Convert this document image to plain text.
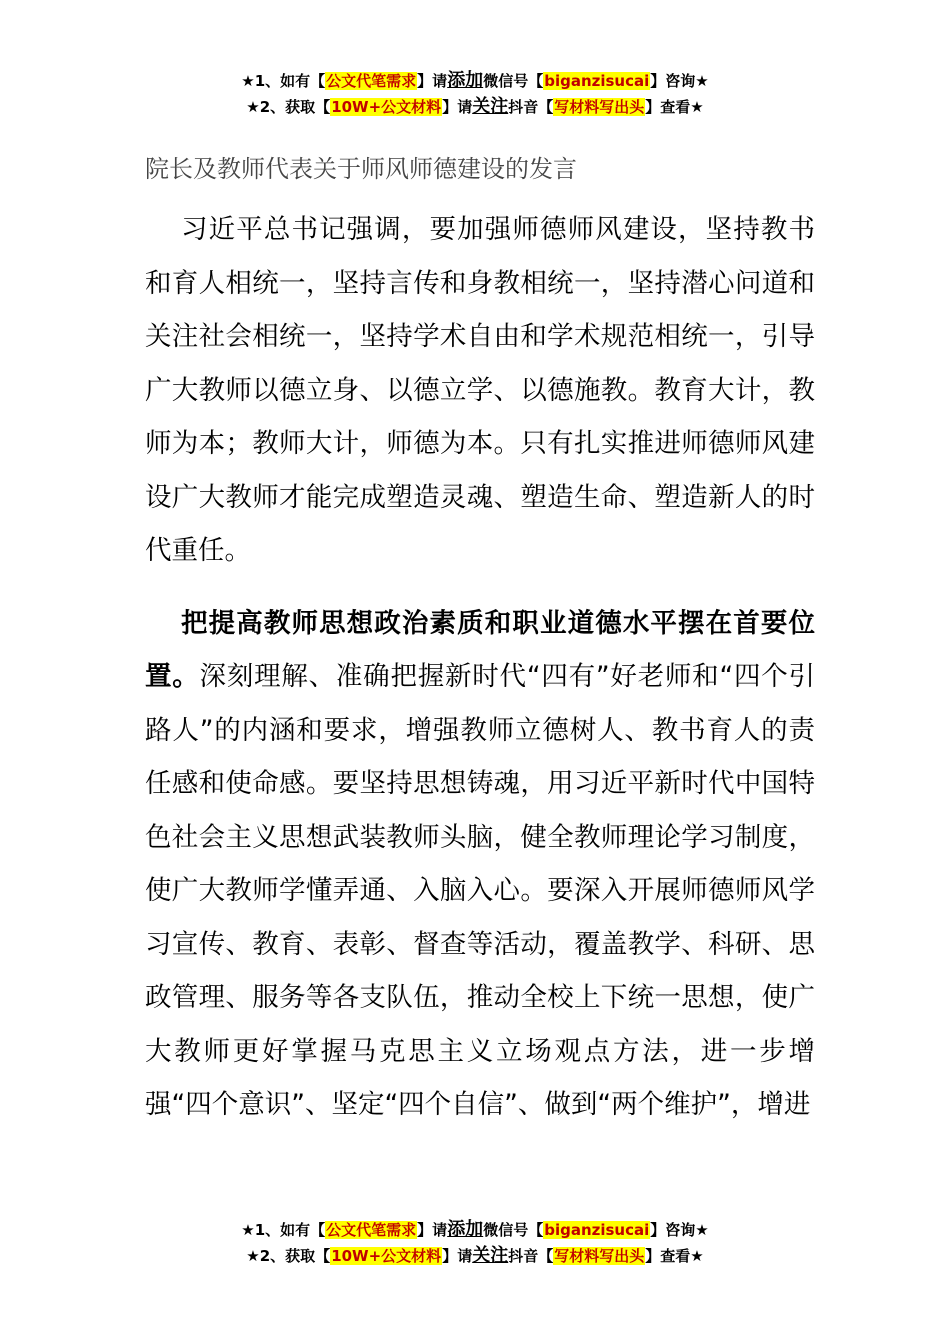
★1、如有【公文代笔需求】请添加微信号【biganzisucai】咨询★
★2、获取【10W+公文材料】请关注抖音【写材料写出头】查看★
院长及教师代表关于师风师德建设的发言

习近平总书记强调，要加强师德师风建设，坚持教书和育人相统一，坚持言传和身教相统一，坚持潜心问道和关注社会相统一，坚持学术自由和学术规范相统一，引导广大教师以德立身、以德立学、以德施教。教育大计，教师为本；教师大计，师德为本。只有扎实推进师德师风建设广大教师才能完成塑造灵魂、塑造生命、塑造新人的时代重任。

把提高教师思想政治素质和职业道德水平摆在首要位置。深刻理解、准确把握新时代“四有”好老师和“四个引路人”的内涵和要求，增强教师立德树人、教书育人的责任感和使命感。要坚持思想铸魂，用习近平新时代中国特色社会主义思想武装教师头脑，健全教师理论学习制度，使广大教师学懂弄通、入脑入心。要深入开展师德师风学习宣传、教育、表彰、督查等活动，覆盖教学、科研、思政管理、服务等各支队伍，推动全校上下统一思想，使广大教师更好掌握马克思主义立场观点方法，进一步增强“四个意识”、坚定“四个自信”、做到“两个维护”，增进

★1、如有【公文代笔需求】请添加微信号【biganzisucai】咨询★
★2、获取【10W+公文材料】请关注抖音【写材料写出头】查看★
